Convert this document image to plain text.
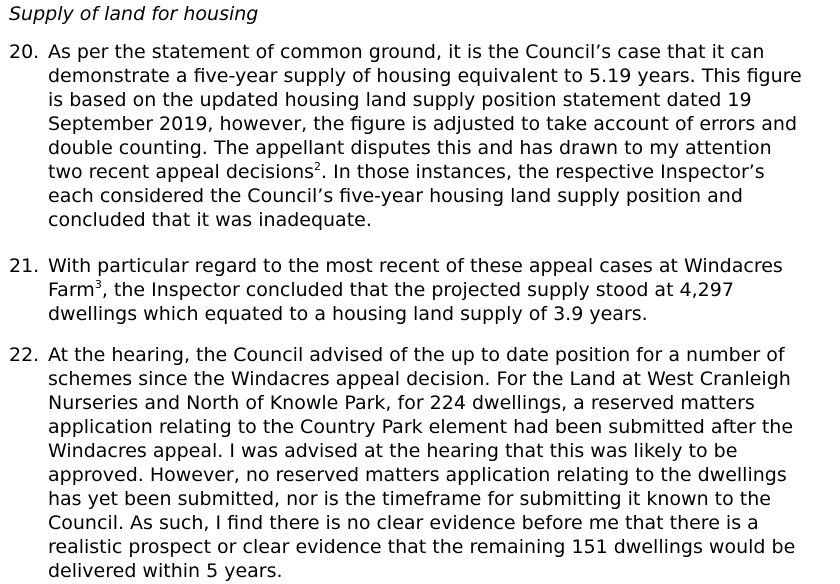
Supply of land for housing
20. As per the statement of common ground, it is the Council’s case that it can
demonstrate a five-year supply of housing equivalent to 5.19 years. This figure
is based on the updated housing land supply position statement dated 19
September 2019, however, the figure is adjusted to take account of errors and
double counting. The appellant disputes this and has drawn to my attention
two recent appeal decisions$^2$. In those instances, the respective Inspector’s
each considered the Council’s five-year housing land supply position and
concluded that it was inadequate.
21. With particular regard to the most recent of these appeal cases at Windacres
Farm$^3$, the Inspector concluded that the projected supply stood at 4,297
dwellings which equated to a housing land supply of 3.9 years.
22. At the hearing, the Council advised of the up to date position for a number of
schemes since the Windacres appeal decision. For the Land at West Cranleigh
Nurseries and North of Knowle Park, for 224 dwellings, a reserved matters
application relating to the Country Park element had been submitted after the
Windacres appeal. I was advised at the hearing that this was likely to be
approved. However, no reserved matters application relating to the dwellings
has yet been submitted, nor is the timeframe for submitting it known to the
Council. As such, I find there is no clear evidence before me that there is a
realistic prospect or clear evidence that the remaining 151 dwellings would be
delivered within 5 years.
